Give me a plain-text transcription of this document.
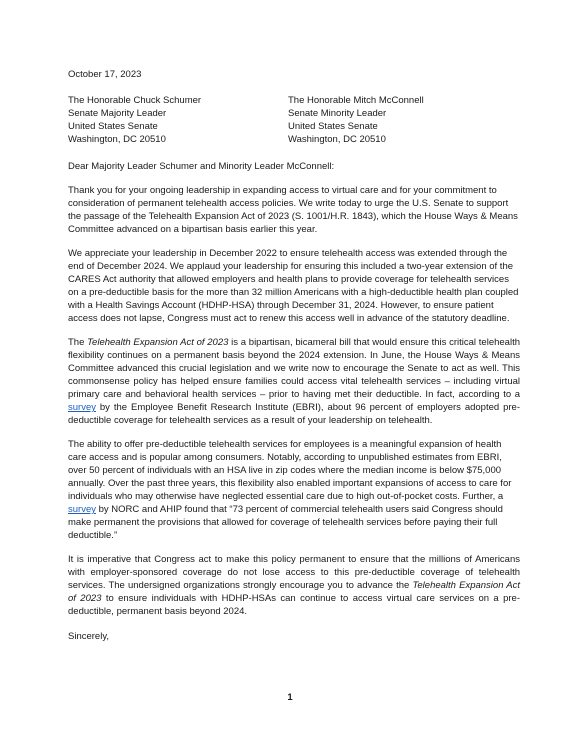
October 17, 2023
The Honorable Chuck Schumer
Senate Majority Leader
United States Senate
Washington, DC 20510
The Honorable Mitch McConnell
Senate Minority Leader
United States Senate
Washington, DC 20510

Dear Majority Leader Schumer and Minority Leader McConnell:

Thank you for your ongoing leadership in expanding access to virtual care and for your commitment to consideration of permanent telehealth access policies. We write today to urge the U.S. Senate to support the passage of the Telehealth Expansion Act of 2023 (S. 1001/H.R. 1843), which the House Ways & Means Committee advanced on a bipartisan basis earlier this year.

We appreciate your leadership in December 2022 to ensure telehealth access was extended through the end of December 2024. We applaud your leadership for ensuring this included a two-year extension of the CARES Act authority that allowed employers and health plans to provide coverage for telehealth services on a pre-deductible basis for the more than 32 million Americans with a high-deductible health plan coupled with a Health Savings Account (HDHP-HSA) through December 31, 2024. However, to ensure patient access does not lapse, Congress must act to renew this access well in advance of the statutory deadline.

The Telehealth Expansion Act of 2023 is a bipartisan, bicameral bill that would ensure this critical telehealth flexibility continues on a permanent basis beyond the 2024 extension. In June, the House Ways & Means Committee advanced this crucial legislation and we write now to encourage the Senate to act as well. This commonsense policy has helped ensure families could access vital telehealth services – including virtual primary care and behavioral health services – prior to having met their deductible. In fact, according to a survey by the Employee Benefit Research Institute (EBRI), about 96 percent of employers adopted pre-deductible coverage for telehealth services as a result of your leadership on telehealth.

The ability to offer pre-deductible telehealth services for employees is a meaningful expansion of health care access and is popular among consumers. Notably, according to unpublished estimates from EBRI, over 50 percent of individuals with an HSA live in zip codes where the median income is below $75,000 annually. Over the past three years, this flexibility also enabled important expansions of access to care for individuals who may otherwise have neglected essential care due to high out-of-pocket costs. Further, a survey by NORC and AHIP found that “73 percent of commercial telehealth users said Congress should make permanent the provisions that allowed for coverage of telehealth services before paying their full deductible.”

It is imperative that Congress act to make this policy permanent to ensure that the millions of Americans with employer-sponsored coverage do not lose access to this pre-deductible coverage of telehealth services. The undersigned organizations strongly encourage you to advance the Telehealth Expansion Act of 2023 to ensure individuals with HDHP-HSAs can continue to access virtual care services on a pre-deductible, permanent basis beyond 2024.

Sincerely,

1
